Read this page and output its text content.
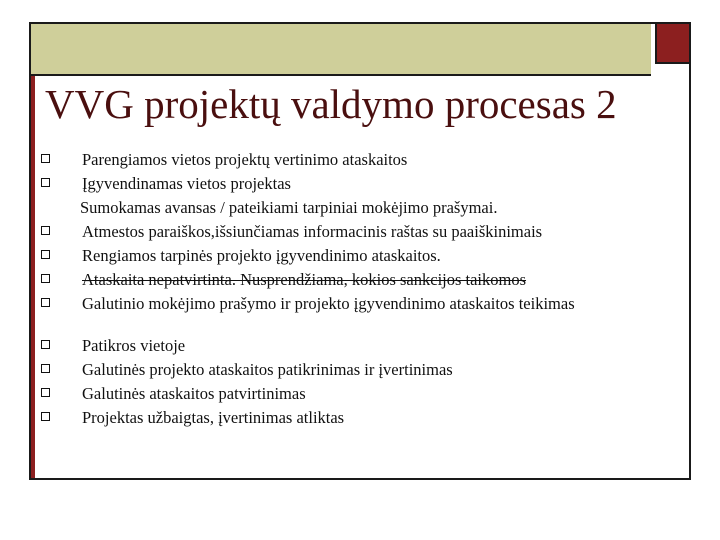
VVG projektų valdymo procesas 2
Parengiamos vietos projektų vertinimo ataskaitos
Įgyvendinamas vietos projektas
Sumokamas avansas / pateikiami tarpiniai mokėjimo prašymai.
Atmestos paraiškos,išsiunčiamas informacinis raštas su paaiškinimais
Rengiamos tarpinės projekto įgyvendinimo ataskaitos.
Ataskaita nepatvirtinta. Nusprendžiama, kokios sankcijos taikomos
Galutinio mokėjimo prašymo ir projekto įgyvendinimo ataskaitos teikimas
Patikros vietoje
Galutinės projekto ataskaitos patikrinimas ir įvertinimas
Galutinės ataskaitos patvirtinimas
Projektas užbaigtas, įvertinimas atliktas
